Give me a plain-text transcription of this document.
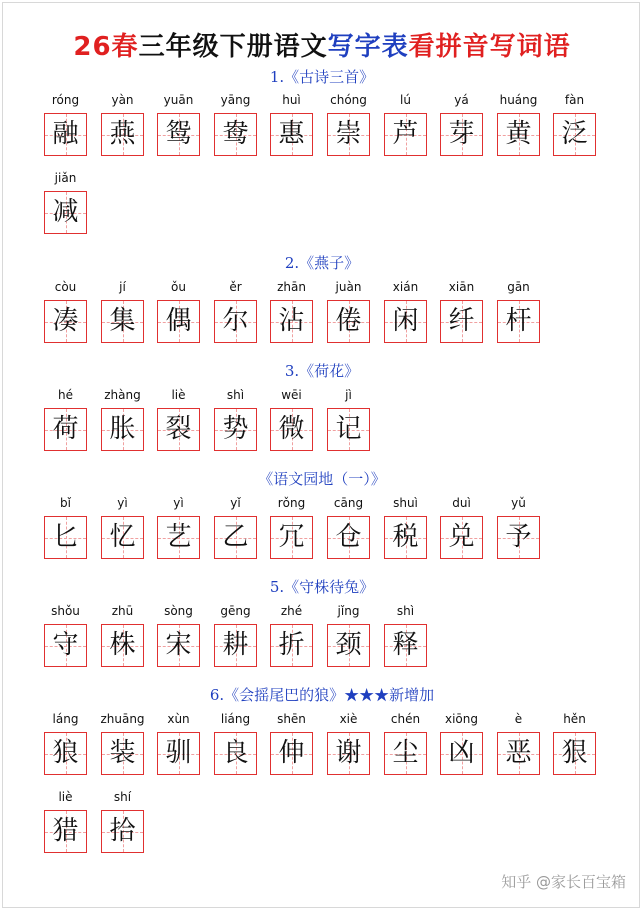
26春三年级下册语文写字表看拼音写词语
1.《古诗三首》
róng
融
yàn
燕
yuān
鸳
yāng
鸯
huì
惠
chóng
崇
lú
芦
yá
芽
huáng
黄
fàn
泛
jiǎn
减
2.《燕子》
còu
凑
jí
集
ǒu
偶
ěr
尔
zhān
沾
juàn
倦
xián
闲
xiān
纤
gān
杆
3.《荷花》
hé
荷
zhàng
胀
liè
裂
shì
势
wēi
微
jì
记
《语文园地（一）》
bǐ
匕
yì
忆
yì
艺
yǐ
乙
rǒng
冗
cāng
仓
shuì
税
duì
兑
yǔ
予
5.《守株待兔》
shǒu
守
zhū
株
sòng
宋
gēng
耕
zhé
折
jǐng
颈
shì
释
6.《会摇尾巴的狼》★★★新增加
láng
狼
zhuāng
装
xùn
驯
liáng
良
shēn
伸
xiè
谢
chén
尘
xiōng
凶
è
恶
hěn
狠
liè
猎
shí
拾
知乎 @家长百宝箱
